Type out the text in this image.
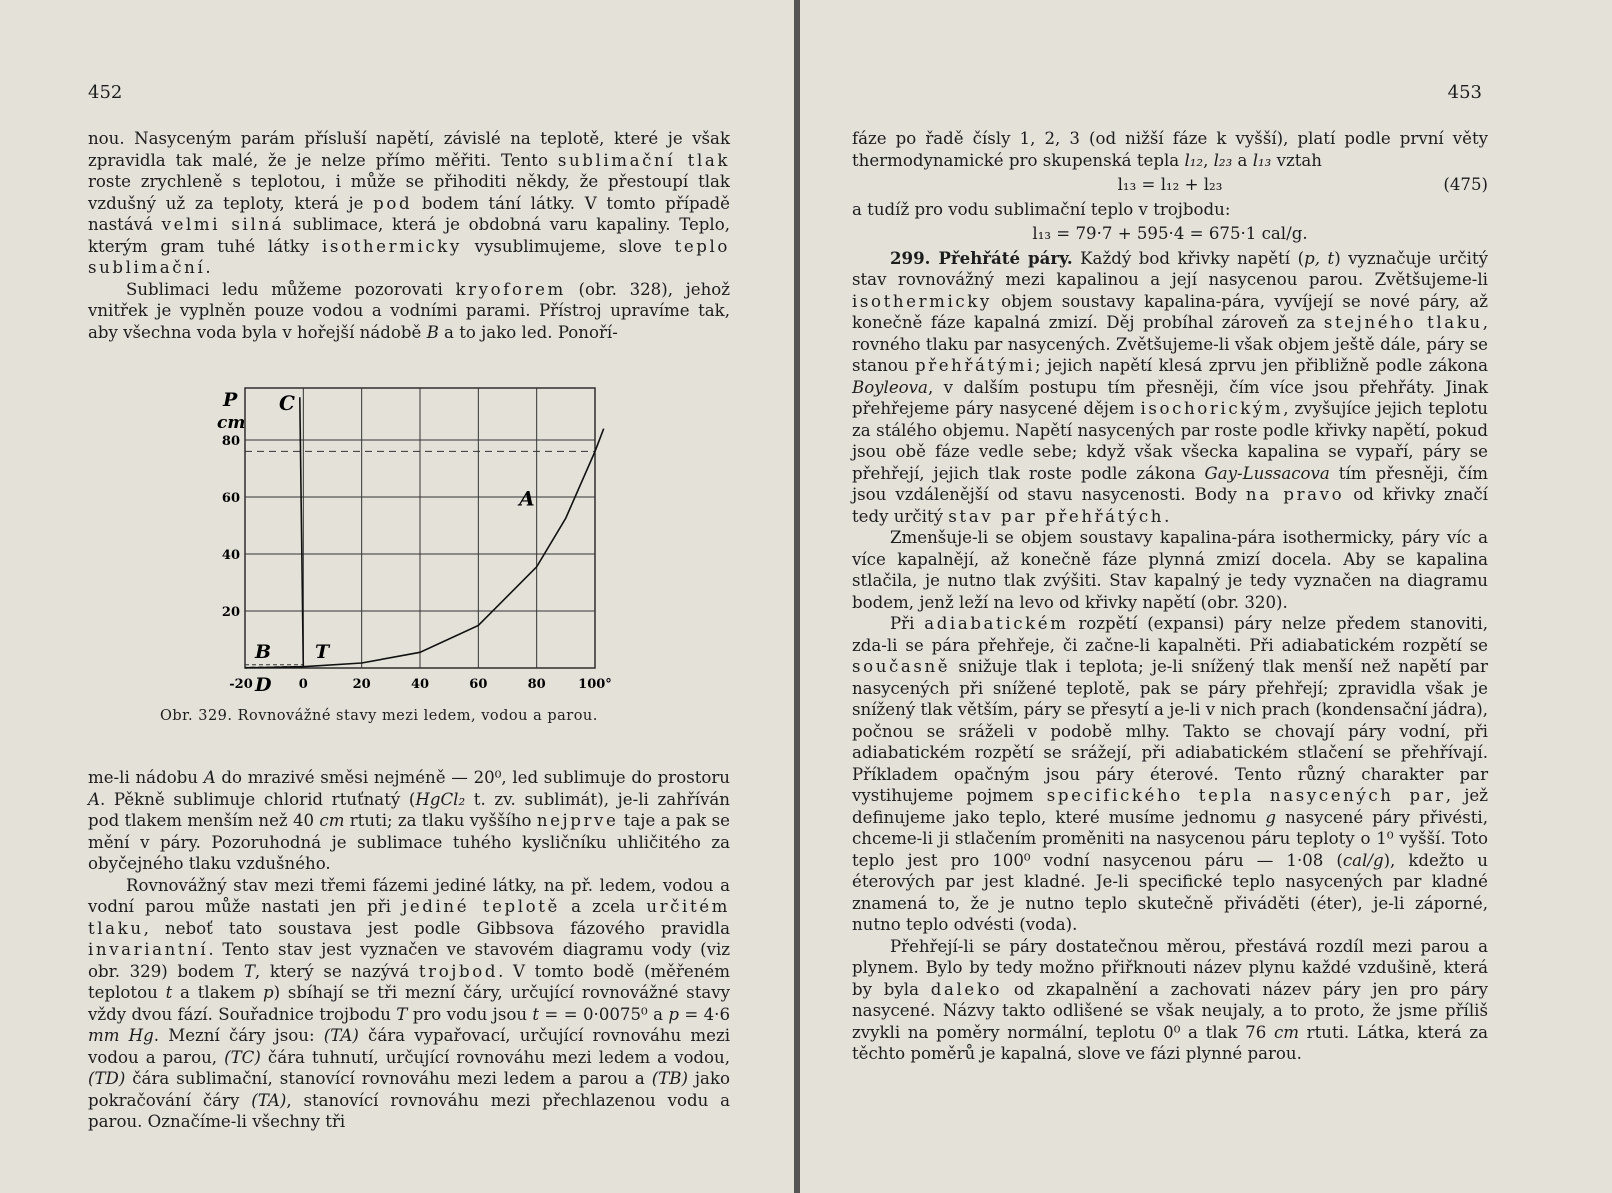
452

nou. Nasyceným parám přísluší napětí, závislé na teplotě, které je však zpravidla tak malé, že je nelze přímo měřiti. Tento sublimační tlak roste zrychleně s teplotou, i může se přihoditi někdy, že přestoupí tlak vzdušný už za teploty, která je pod bodem tání látky. V tomto případě nastává velmi silná sublimace, která je obdobná varu kapaliny. Teplo, kterým gram tuhé látky isothermicky vysublimujeme, slove teplo sublimační.

Sublimaci ledu můžeme pozorovati kryoforem (obr. 328), jehož vnitřek je vyplněn pouze vodou a vodními parami. Přístroj upravíme tak, aby všechna voda byla v hořejší nádobě B a to jako led. Ponoří-

20
40
60
80
-20	0	20	40	60	80 100°
P
cm
C
A
B T
D
Obr. 329. Rovnovážné stavy mezi ledem, vodou a parou.

me-li nádobu A do mrazivé směsi nejméně — 20⁰, led sublimuje do prostoru A. Pěkně sublimuje chlorid rtuťnatý (HgCl₂ t. zv. sublimát), je-li zahříván pod tlakem menším než 40 cm rtuti; za tlaku vyššího nejprve taje a pak se mění v páry. Pozoruhodná je sublimace tuhého kysličníku uhličitého za obyčejného tlaku vzdušného.

Rovnovážný stav mezi třemi fázemi jediné látky, na př. ledem, vodou a vodní parou může nastati jen při jediné teplotě a zcela určitém tlaku, neboť tato soustava jest podle Gibbsova fázového pravidla invariantní. Tento stav jest vyznačen ve stavovém diagramu vody (viz obr. 329) bodem T, který se nazývá trojbod. V tomto bodě (měřeném teplotou t a tlakem p) sbíhají se tři mezní čáry, určující rovnovážné stavy vždy dvou fází. Souřadnice trojbodu T pro vodu jsou t = = 0·0075⁰ a p = 4·6 mm Hg. Mezní čáry jsou: (TA) čára vypařovací, určující rovnováhu mezi vodou a parou, (TC) čára tuhnutí, určující rovnováhu mezi ledem a vodou, (TD) čára sublimační, stanovící rovnováhu mezi ledem a parou a (TB) jako pokračování čáry (TA), stanovící rovnováhu mezi přechlazenou vodu a parou. Označíme-li všechny tři

453

fáze po řadě čísly 1, 2, 3 (od nižší fáze k vyšší), platí podle první věty thermodynamické pro skupenská tepla l₁₂, l₂₃ a l₁₃ vztah

l₁₃ = l₁₂ + l₂₃	(475)

a tudíž pro vodu sublimační teplo v trojbodu:

l₁₃ = 79·7 + 595·4 = 675·1 cal/g.

299. Přehřáté páry. Každý bod křivky napětí (p, t) vyznačuje určitý stav rovnovážný mezi kapalinou a její nasycenou parou. Zvětšujeme-li isothermicky objem soustavy kapalina-pára, vyvíjejí se nové páry, až konečně fáze kapalná zmizí. Děj probíhal zároveň za stejného tlaku, rovného tlaku par nasycených. Zvětšujeme-li však objem ještě dále, páry se stanou přehřátými; jejich napětí klesá zprvu jen přibližně podle zákona Boyleova, v dalším postupu tím přesněji, čím více jsou přehřáty. Jinak přehřejeme páry nasycené dějem isochorickým, zvyšujíce jejich teplotu za stálého objemu. Napětí nasycených par roste podle křivky napětí, pokud jsou obě fáze vedle sebe; když však všecka kapalina se vypaří, páry se přehřejí, jejich tlak roste podle zákona Gay-Lussacova tím přesněji, čím jsou vzdálenější od stavu nasycenosti. Body na pravo od křivky značí tedy určitý stav par přehřátých.

Zmenšuje-li se objem soustavy kapalina-pára isothermicky, páry víc a více kapalnějí, až konečně fáze plynná zmizí docela. Aby se kapalina stlačila, je nutno tlak zvýšiti. Stav kapalný je tedy vyznačen na diagramu bodem, jenž leží na levo od křivky napětí (obr. 320).

Při adiabatickém rozpětí (expansi) páry nelze předem stanoviti, zda-li se pára přehřeje, či začne-li kapalněti. Při adiabatickém rozpětí se současně snižuje tlak i teplota; je-li snížený tlak menší než napětí par nasycených při snížené teplotě, pak se páry přehřejí; zpravidla však je snížený tlak větším, páry se přesytí a je-li v nich prach (kondensační jádra), počnou se sráželi v podobě mlhy. Takto se chovají páry vodní, při adiabatickém rozpětí se srážejí, při adiabatickém stlačení se přehřívají. Příkladem opačným jsou páry éterové. Tento různý charakter par vystihujeme pojmem specifického tepla nasycených par, jež definujeme jako teplo, které musíme jednomu g nasycené páry přivésti, chceme-li ji stlačením proměniti na nasycenou páru teploty o 1⁰ vyšší. Toto teplo jest pro 100⁰ vodní nasycenou páru — 1·08 (cal/g), kdežto u éterových par jest kladné. Je-li specifické teplo nasycených par kladné znamená to, že je nutno teplo skutečně přiváděti (éter), je-li záporné, nutno teplo odvésti (voda).

Přehřejí-li se páry dostatečnou měrou, přestává rozdíl mezi parou a plynem. Bylo by tedy možno přiřknouti název plynu každé vzdušině, která by byla daleko od zkapalnění a zachovati název páry jen pro páry nasycené. Názvy takto odlišené se však neujaly, a to proto, že jsme příliš zvykli na poměry normální, teplotu 0⁰ a tlak 76 cm rtuti. Látka, která za těchto poměrů je kapalná, slove ve fázi plynné parou.
